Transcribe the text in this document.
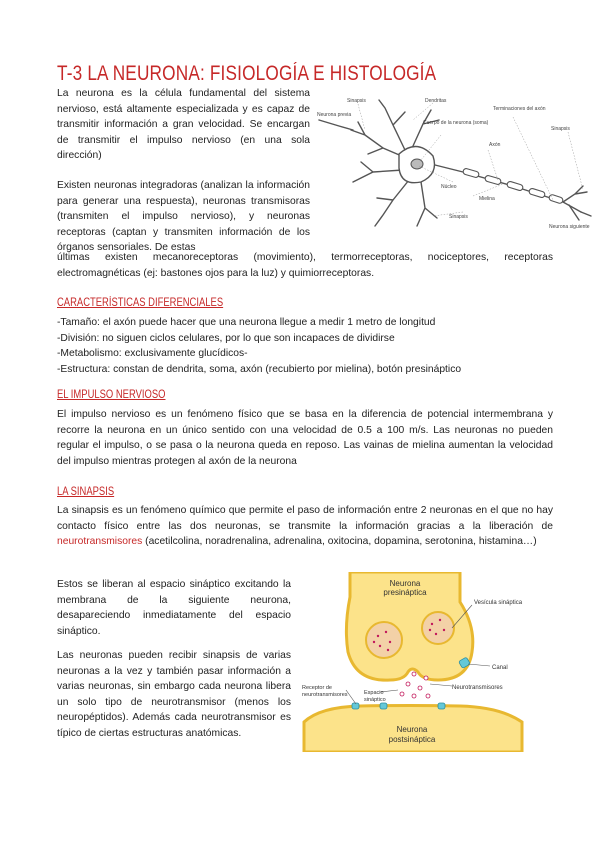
T-3 LA NEURONA: FISIOLOGÍA E HISTOLOGÍA

La neurona es la célula fundamental del sistema nervioso, está altamente especializada y es capaz de transmitir información a gran velocidad. Se encargan de transmitir el impulso nervioso (en una sola dirección)

Existen neuronas integradoras (analizan la información para generar una respuesta), neuronas transmisoras (transmiten el impulso nervioso), y neuronas receptoras (captan y transmiten información de los órganos sensoriales. De estas

últimas existen mecanoreceptoras (movimiento), termorreceptoras, nociceptores, receptoras electromagnéticas (ej: bastones ojos para la luz) y quimiorreceptoras.

Sinapsis	Dendritas
Terminaciones del axón
Neurona previa
Cuerpo de la neurona (soma)
Sinapsis
Axón
Núcleo
Mielina
Sinapsis
Neurona siguiente
CARACTERÍSTICAS DIFERENCIALES

-Tamaño: el axón puede hacer que una neurona llegue a medir 1 metro de longitud

-División: no siguen ciclos celulares, por lo que son incapaces de dividirse

-Metabolismo: exclusivamente glucídicos-

-Estructura: constan de dendrita, soma, axón (recubierto por mielina), botón presináptico

EL IMPULSO NERVIOSO

El impulso nervioso es un fenómeno físico que se basa en la diferencia de potencial intermembrana y recorre la neurona en un único sentido con una velocidad de 0.5 a 100 m/s. Las neuronas no pueden regular el impulso, o se pasa o la neurona queda en reposo. Las vainas de mielina aumentan la velocidad del impulso mientras protegen al axón de la neurona

LA SINAPSIS

La sinapsis es un fenómeno químico que permite el paso de información entre 2 neuronas en el que no hay contacto físico entre las dos neuronas, se transmite la información gracias a la liberación de neurotransmisores (acetilcolina, noradrenalina, adrenalina, oxitocina, dopamina, serotonina, histamina…)

Estos se liberan al espacio sináptico excitando la membrana de la siguiente neurona, desapareciendo inmediatamente del espacio sináptico.

Las neuronas pueden recibir sinapsis de varias neuronas a la vez y también pasar información a varias neuronas, sin embargo cada neurona libera un solo tipo de neurotransmisor (menos los neuropéptidos). Además cada neurotransmisor es típico de ciertas estructuras anatómicas.

Neurona
presináptica
Vesícula sináptica
Canal
Receptor de
neurotransmisores	Espacio
sináptico
Neurotransmisores
Neurona
postsináptica
